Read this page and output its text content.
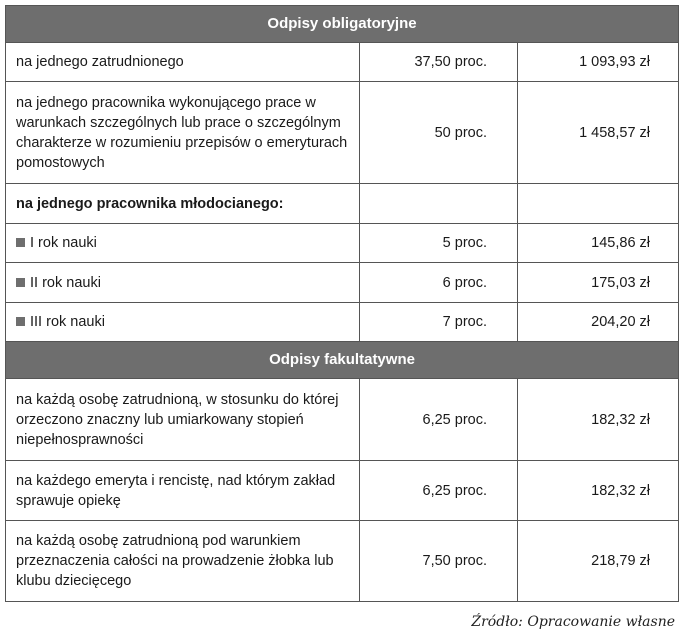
Odpisy obligatoryjne		
na jednego zatrudnionego	37,50 proc.	1 093,93 zł
na jednego pracownika wykonującego prace w warunkach szczególnych lub prace o szczególnym charakterze w rozumieniu przepisów o emeryturach pomostowych	50 proc.	1 458,57 zł
na jednego pracownika młodocianego:		
I rok nauki	5 proc.	145,86 zł
II rok nauki	6 proc.	175,03 zł
III rok nauki	7 proc.	204,20 zł
Odpisy fakultatywne		
na każdą osobę zatrudnioną, w stosunku do której orzeczono znaczny lub umiarkowany stopień niepełnosprawności	6,25 proc.	182,32 zł
na każdego emeryta i rencistę, nad którym zakład sprawuje opiekę	6,25 proc.	182,32 zł
na każdą osobę zatrudnioną pod warunkiem przeznaczenia całości na prowadzenie żłobka lub klubu dziecięcego	7,50 proc.	218,79 zł
Źródło: Opracowanie własne
